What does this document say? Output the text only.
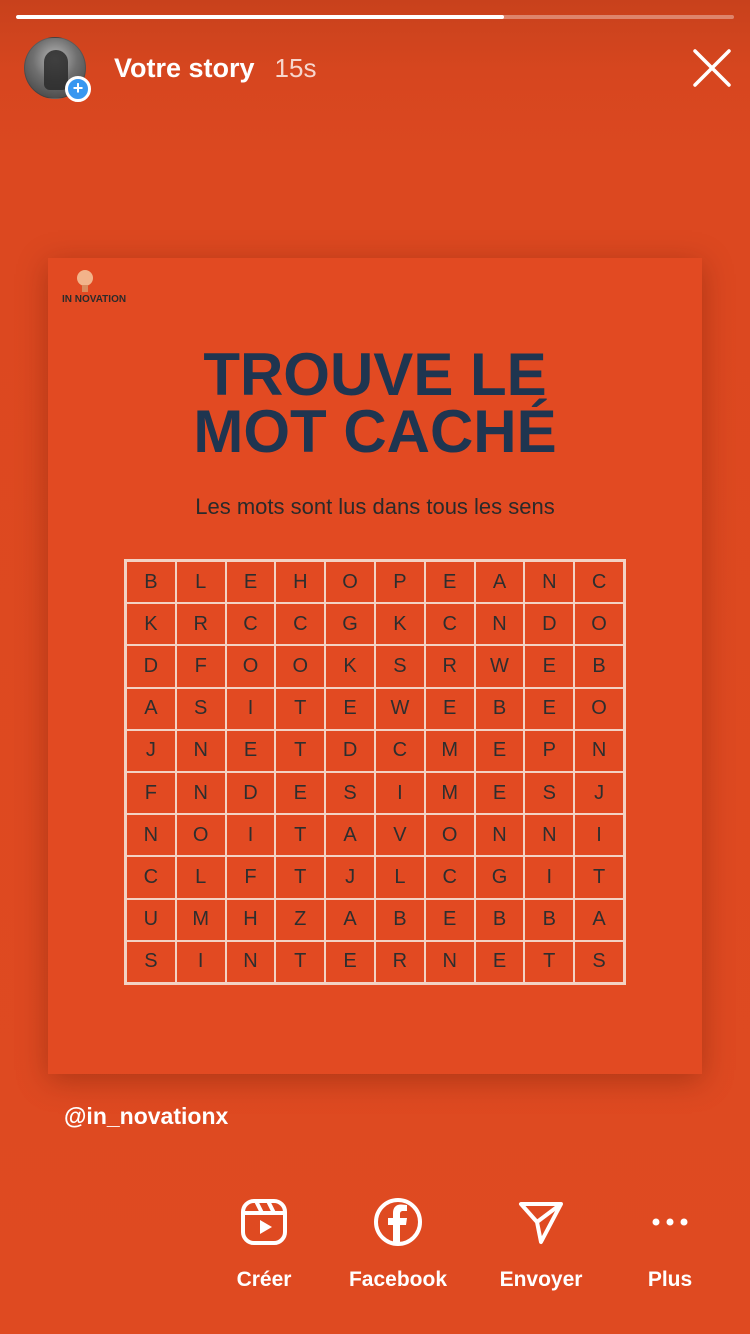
+
Votre story 15s
IN NOVATION
TROUVE LE
MOT CACHÉ
Les mots sont lus dans tous les sens
B	L	E	H	O	P	E	A	N	C
K	R	C	C	G	K	C	N	D	O
D	F	O	O	K	S	R	W	E	B
A	S	I	T	E	W	E	B	E	O
J	N	E	T	D	C	M	E	P	N
F	N	D	E	S	I	M	E	S	J
N	O	I	T	A	V	O	N	N	I
C	L	F	T	J	L	C	G	I	T
U	M	H	Z	A	B	E	B	B	A
S	I	N	T	E	R	N	E	T	S
@in_novationx
Créer	Facebook	Envoyer	Plus
